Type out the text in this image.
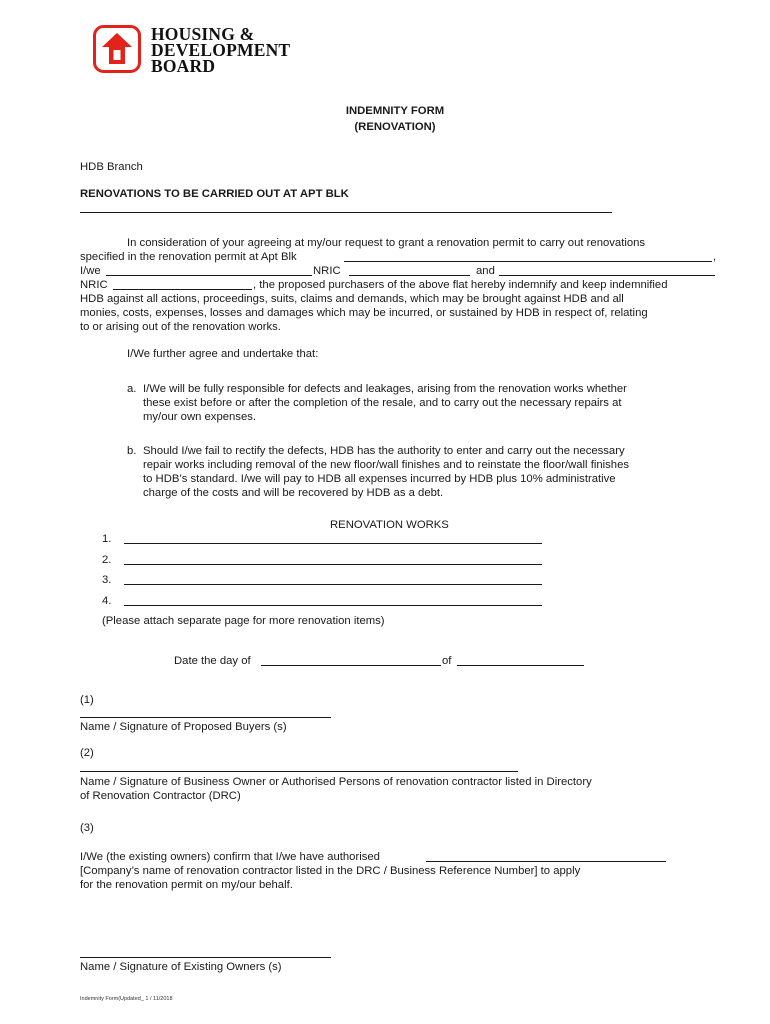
HOUSING &
DEVELOPMENT
BOARD
INDEMNITY FORM
(RENOVATION)
HDB Branch
RENOVATIONS TO BE CARRIED OUT AT APT BLK
In consideration of your agreeing at my/our request to grant a renovation permit to carry out renovations
specified in the renovation permit at Apt Blk	,
I/we	NRIC	and
NRIC	, the proposed purchasers of the above flat hereby indemnify and keep indemnified
HDB against all actions, proceedings, suits, claims and demands, which may be brought against HDB and all
monies, costs, expenses, losses and damages which may be incurred, or sustained by HDB in respect of, relating
to or arising out of the renovation works.
I/We further agree and undertake that:
a. I/We will be fully responsible for defects and leakages, arising from the renovation works whether
these exist before or after the completion of the resale, and to carry out the necessary repairs at
my/our own expenses.
b. Should I/we fail to rectify the defects, HDB has the authority to enter and carry out the necessary
repair works including removal of the new floor/wall finishes and to reinstate the floor/wall finishes
to HDB’s standard. I/we will pay to HDB all expenses incurred by HDB plus 10% administrative
charge of the costs and will be recovered by HDB as a debt.
RENOVATION WORKS
1.
2.
3.
4.
(Please attach separate page for more renovation items)
Date the day of	of
(1)
Name / Signature of Proposed Buyers (s)
(2)
Name / Signature of Business Owner or Authorised Persons of renovation contractor listed in Directory
of Renovation Contractor (DRC)
(3)
I/We (the existing owners) confirm that I/we have authorised
[Company’s name of renovation contractor listed in the DRC / Business Reference Number] to apply
for the renovation permit on my/our behalf.
Name / Signature of Existing Owners (s)
Indemnity Form(Updated_ 1 / 11/2018
